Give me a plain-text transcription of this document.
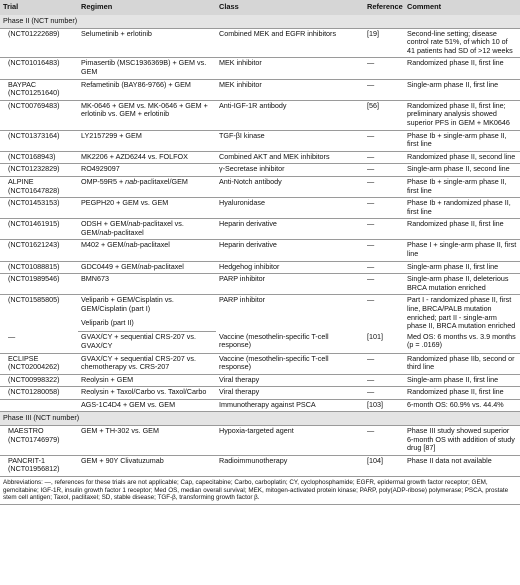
Trial	Regimen	Class	Reference	Comment
Phase II (NCT number)				
(NCT01222689)	Selumetinib + erlotinib	Combined MEK and EGFR inhibitors	[19]	Second-line setting; disease control rate 51%, of which 10 of 41 patients had SD of >12 weeks
(NCT01016483)	Pimasertib (MSC1936369B) + GEM vs. GEM	MEK inhibitor	—	Randomized phase II, first line
BAYPAC (NCT01251640)	Refametinib (BAY86-9766) + GEM	MEK inhibitor	—	Single-arm phase II, first line
(NCT00769483)	MK-0646 + GEM vs. MK-0646 + GEM + erlotinib vs. GEM + erlotinib	Anti-IGF-1R antibody	[56]	Randomized phase II, first line; preliminary analysis showed superior PFS in GEM + MK0646
(NCT01373164)	LY2157299 + GEM	TGF-βI kinase	—	Phase Ib + single-arm phase II, first line
(NCT0168943)	MK2206 + AZD6244 vs. FOLFOX	Combined AKT and MEK inhibitors	—	Randomized phase II, second line
(NCT01232829)	RO4929097	γ-Secretase inhibitor	—	Single-arm phase II, second line
ALPINE (NCT01647828)	OMP-59R5 + nab-paclitaxel/GEM	Anti-Notch antibody	—	Phase Ib + single-arm phase II, first line
(NCT01453153)	PEGPH20 + GEM vs. GEM	Hyaluronidase	—	Phase Ib + randomized phase II, first line
(NCT01461915)	ODSH + GEM/nab-paclitaxel vs. GEM/nab-paclitaxel	Heparin derivative	—	Randomized phase II, first line
(NCT01621243)	M402 + GEM/nab-paclitaxel	Heparin derivative	—	Phase I + single-arm phase II, first line
(NCT01088815)	GDC0449 + GEM/nab-paclitaxel	Hedgehog inhibitor	—	Single-arm phase II, first line
(NCT01989546)	BMN673	PARP inhibitor	—	Single-arm phase II, deleterious BRCA mutation enriched
(NCT01585805)	Veliparib + GEM/Cisplatin vs. GEM/Cisplatin (part I)	PARP inhibitor	—	Part I - randomized phase II, first line, BRCA/PALB mutation enriched; part II - single-arm phase II, BRCA mutation enriched
	Veliparib (part II)			
—	GVAX/CY + sequential CRS-207 vs. GVAX/CY	Vaccine (mesothelin-specific T-cell response)	[101]	Med OS: 6 months vs. 3.9 months (p = .0169)
ECLIPSE (NCT02004262)	GVAX/CY + sequential CRS-207 vs. chemotherapy vs. CRS-207	Vaccine (mesothelin-specific T-cell response)	—	Randomized phase IIb, second or third line
(NCT00998322)	Reolysin + GEM	Viral therapy	—	Single-arm phase II, first line
(NCT01280058)	Reolysin + Taxol/Carbo vs. Taxol/Carbo	Viral therapy	—	Randomized phase II, first line
	AGS-1C4D4 + GEM vs. GEM	Immunotherapy against PSCA	[103]	6-month OS: 60.9% vs. 44.4%
Phase III (NCT number)				
MAESTRO (NCT01746979)	GEM + TH-302 vs. GEM	Hypoxia-targeted agent	—	Phase III study showed superior 6-month OS with addition of study drug [87]
PANCRIT-1 (NCT01956812)	GEM + 90Y Clivatuzumab	Radioimmunotherapy	[104]	Phase II data not available
Abbreviations: —, references for these trials are not applicable; Cap, capecitabine; Carbo, carboplatin; CY, cyclophosphamide; EGFR, epidermal growth factor receptor; GEM, gemcitabine; IGF-1R, insulin growth factor 1 receptor; Med OS, median overall survival; MEK, mitogen-activated protein kinase; PARP, poly(ADP-ribose) polymerase; PSCA, prostate stem cell antigen; Taxol, paclitaxel; SD, stable disease; TGF-β, transforming growth factor β.				
